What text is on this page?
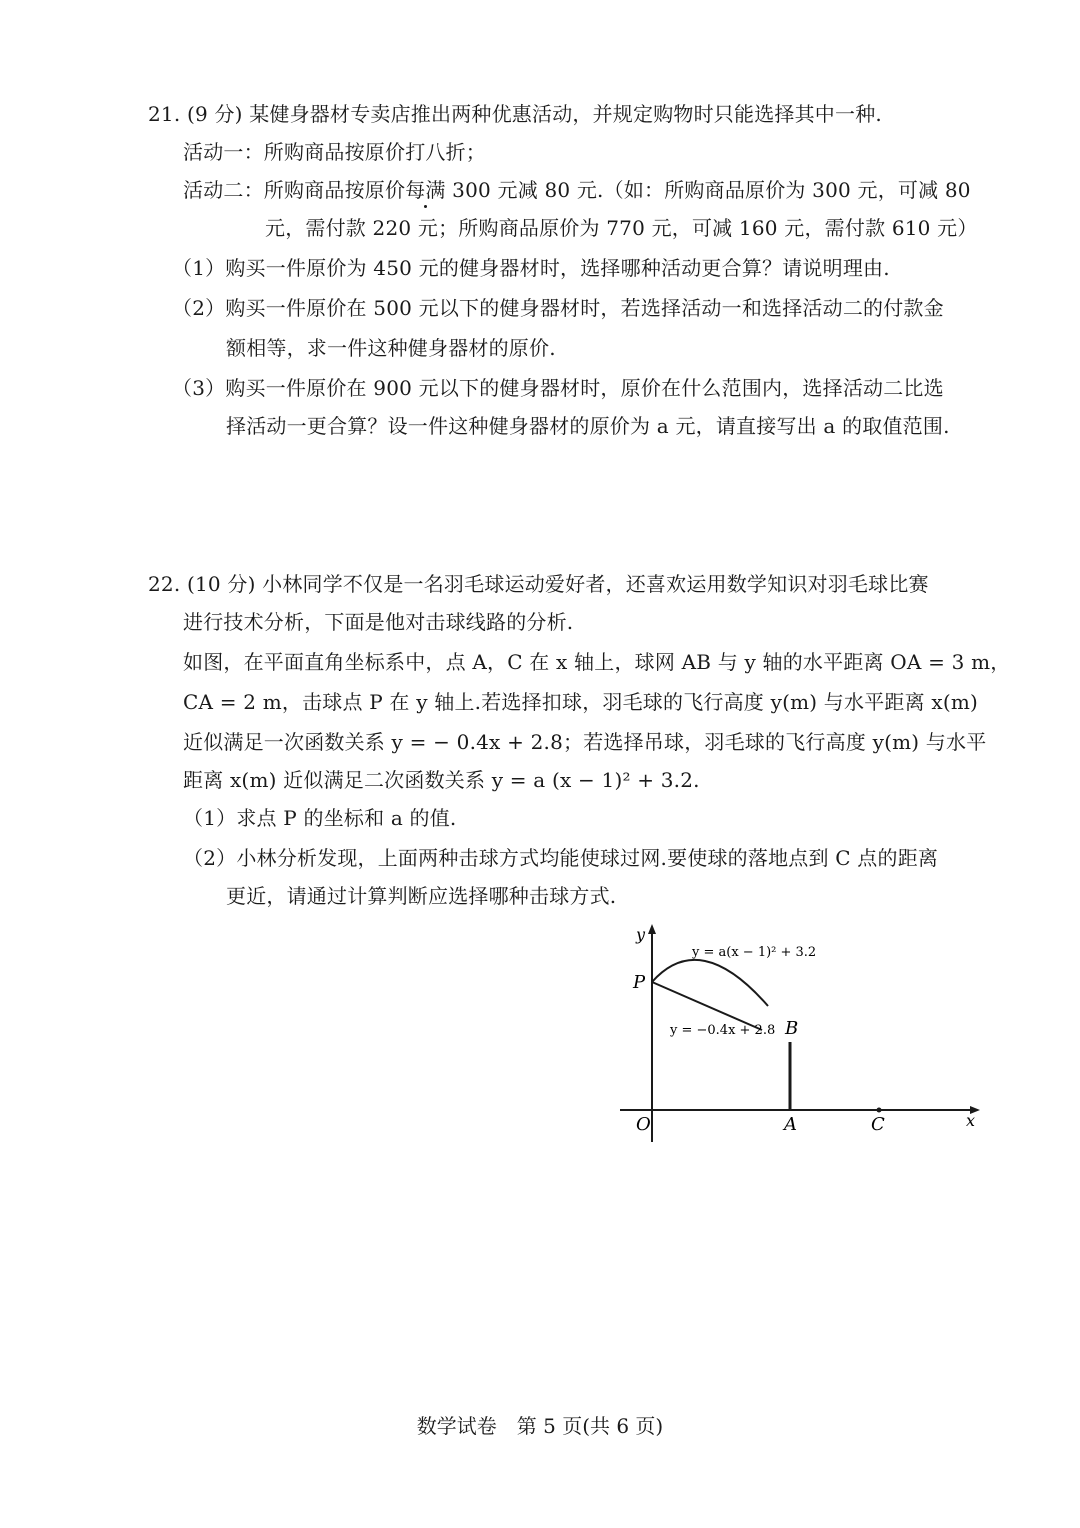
21. (9 分) 某健身器材专卖店推出两种优惠活动，并规定购物时只能选择其中一种.
活动一：所购商品按原价打八折；
活动二：所购商品按原价每满 300 元减 80 元.（如：所购商品原价为 300 元，可减 80
元，需付款 220 元；所购商品原价为 770 元，可减 160 元，需付款 610 元）
（1）购买一件原价为 450 元的健身器材时，选择哪种活动更合算？请说明理由.
（2）购买一件原价在 500 元以下的健身器材时，若选择活动一和选择活动二的付款金
额相等，求一件这种健身器材的原价.
（3）购买一件原价在 900 元以下的健身器材时，原价在什么范围内，选择活动二比选
择活动一更合算？设一件这种健身器材的原价为 a 元，请直接写出 a 的取值范围.
22. (10 分) 小林同学不仅是一名羽毛球运动爱好者，还喜欢运用数学知识对羽毛球比赛
进行技术分析，下面是他对击球线路的分析.
如图，在平面直角坐标系中，点 A，C 在 x 轴上，球网 AB 与 y 轴的水平距离 OA = 3 m，
CA = 2 m，击球点 P 在 y 轴上.若选择扣球，羽毛球的飞行高度 y(m) 与水平距离 x(m)
近似满足一次函数关系 y = − 0.4x + 2.8；若选择吊球，羽毛球的飞行高度 y(m) 与水平
距离 x(m) 近似满足二次函数关系 y = a (x − 1)² + 3.2.
（1）求点 P 的坐标和 a 的值.
（2）小林分析发现，上面两种击球方式均能使球过网.要使球的落地点到 C 点的距离
更近，请通过计算判断应选择哪种击球方式.
y
x
O
P
A
B
C
y = a(x − 1)² + 3.2
y = −0.4x + 2.8
数学试卷　第 5 页(共 6 页)
